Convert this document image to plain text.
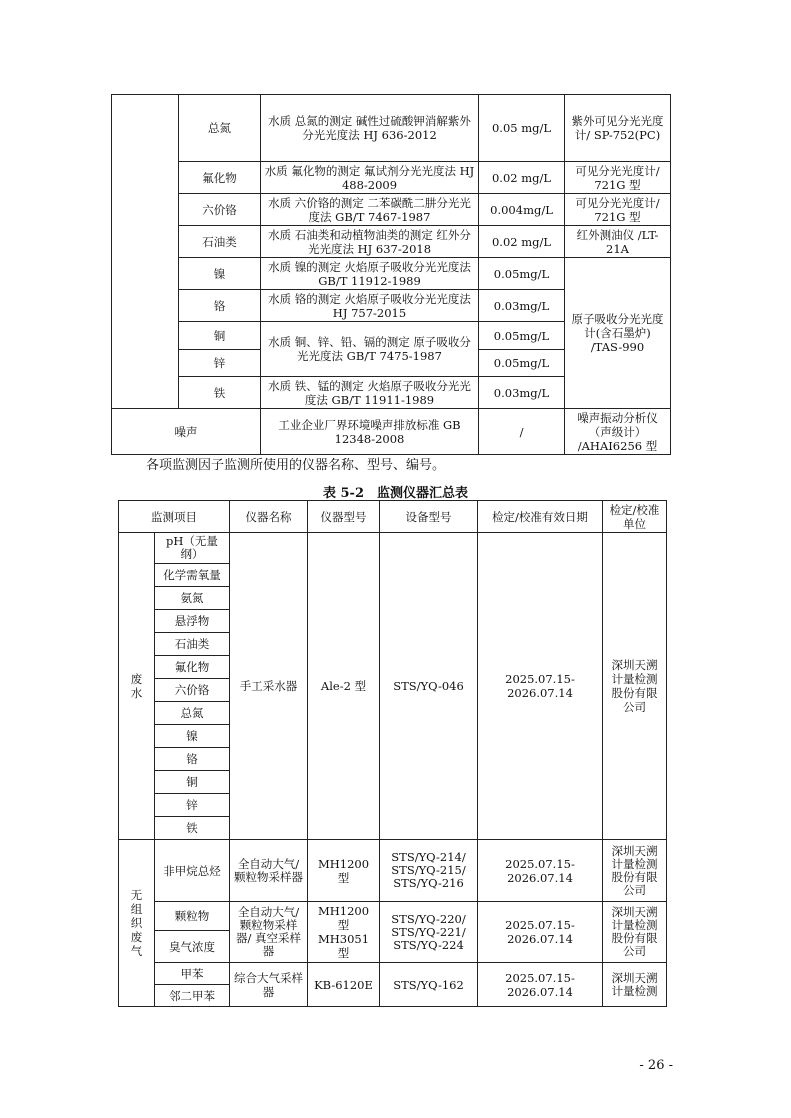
	总氮	水质 总氮的测定 碱性过硫酸钾消解紫外分光光度法 HJ 636-2012	0.05 mg/L	紫外可见分光光度计/ SP-752(PC)
	氟化物	水质 氟化物的测定 氟试剂分光光度法 HJ 488-2009	0.02 mg/L	可见分光光度计/ 721G 型
	六价铬	水质 六价铬的测定 二苯碳酰二肼分光光度法 GB/T 7467-1987	0.004mg/L	可见分光光度计/ 721G 型
	石油类	水质 石油类和动植物油类的测定 红外分光光度法 HJ 637-2018	0.02 mg/L	红外测油仪 /LT-21A
	镍	水质 镍的测定 火焰原子吸收分光光度法 GB/T 11912-1989	0.05mg/L	原子吸收分光光度计(含石墨炉) /TAS-990
	铬	水质 铬的测定 火焰原子吸收分光光度法 HJ 757-2015	0.03mg/L	
	铜	水质 铜、锌、铅、镉的测定 原子吸收分光光度法 GB/T 7475-1987	0.05mg/L	
	锌		0.05mg/L	
	铁	水质 铁、锰的测定 火焰原子吸收分光光度法 GB/T 11911-1989	0.03mg/L	
噪声		工业企业厂界环境噪声排放标准 GB 12348-2008	/	噪声振动分析仪（声级计） /AHAI6256 型
各项监测因子监测所使用的仪器名称、型号、编号。
表 5-2　监测仪器汇总表
监测项目		仪器名称	仪器型号	设备型号	检定/校准有效日期	检定/校准单位
废水	pH（无量纲）	手工采水器	Ale-2 型	STS/YQ-046	2025.07.15-2026.07.14	深圳天溯计量检测股份有限公司
	化学需氧量					
	氨氮					
	悬浮物					
	石油类					
	氟化物					
	六价铬					
	总氮					
	镍					
	铬					
	铜					
	锌					
	铁					
无组织废气	非甲烷总烃	全自动大气/颗粒物采样器	MH1200 型	STS/YQ-214/ STS/YQ-215/ STS/YQ-216	2025.07.15-2026.07.14	深圳天溯计量检测股份有限公司
	颗粒物	全自动大气/颗粒物采样器/ 真空采样器	MH1200 型 MH3051 型	STS/YQ-220/ STS/YQ-221/ STS/YQ-224	2025.07.15-2026.07.14	深圳天溯计量检测股份有限公司
	臭气浓度					
	甲苯	综合大气采样器	KB-6120E	STS/YQ-162	2025.07.15-2026.07.14	深圳天溯计量检测
	邻二甲苯					
- 26 -
